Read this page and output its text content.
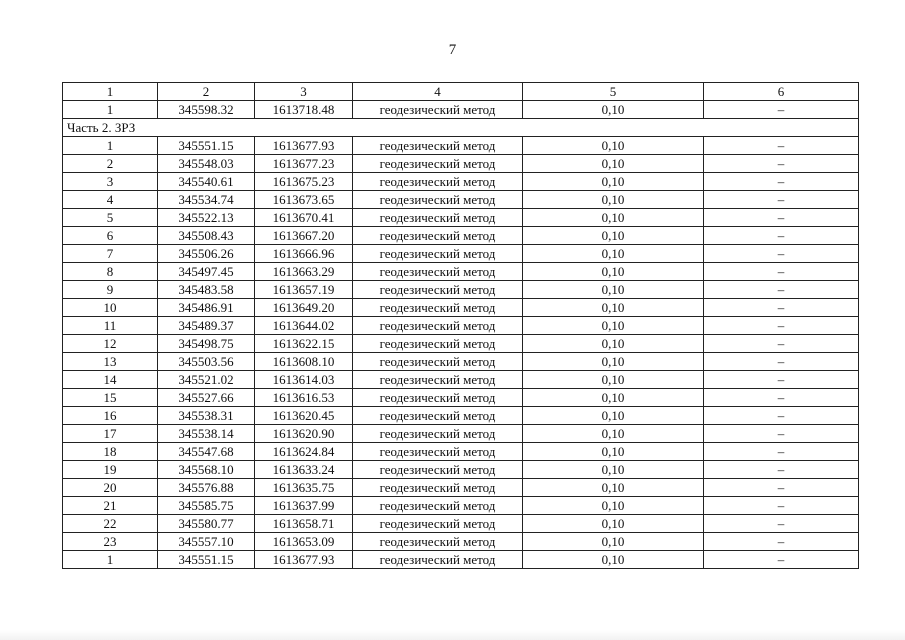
7
1	2	3	4	5	6
1	345598.32	1613718.48	геодезический метод	0,10	–
Часть 2. ЗРЗ					
1	345551.15	1613677.93	геодезический метод	0,10	–
2	345548.03	1613677.23	геодезический метод	0,10	–
3	345540.61	1613675.23	геодезический метод	0,10	–
4	345534.74	1613673.65	геодезический метод	0,10	–
5	345522.13	1613670.41	геодезический метод	0,10	–
6	345508.43	1613667.20	геодезический метод	0,10	–
7	345506.26	1613666.96	геодезический метод	0,10	–
8	345497.45	1613663.29	геодезический метод	0,10	–
9	345483.58	1613657.19	геодезический метод	0,10	–
10	345486.91	1613649.20	геодезический метод	0,10	–
11	345489.37	1613644.02	геодезический метод	0,10	–
12	345498.75	1613622.15	геодезический метод	0,10	–
13	345503.56	1613608.10	геодезический метод	0,10	–
14	345521.02	1613614.03	геодезический метод	0,10	–
15	345527.66	1613616.53	геодезический метод	0,10	–
16	345538.31	1613620.45	геодезический метод	0,10	–
17	345538.14	1613620.90	геодезический метод	0,10	–
18	345547.68	1613624.84	геодезический метод	0,10	–
19	345568.10	1613633.24	геодезический метод	0,10	–
20	345576.88	1613635.75	геодезический метод	0,10	–
21	345585.75	1613637.99	геодезический метод	0,10	–
22	345580.77	1613658.71	геодезический метод	0,10	–
23	345557.10	1613653.09	геодезический метод	0,10	–
1	345551.15	1613677.93	геодезический метод	0,10	–
